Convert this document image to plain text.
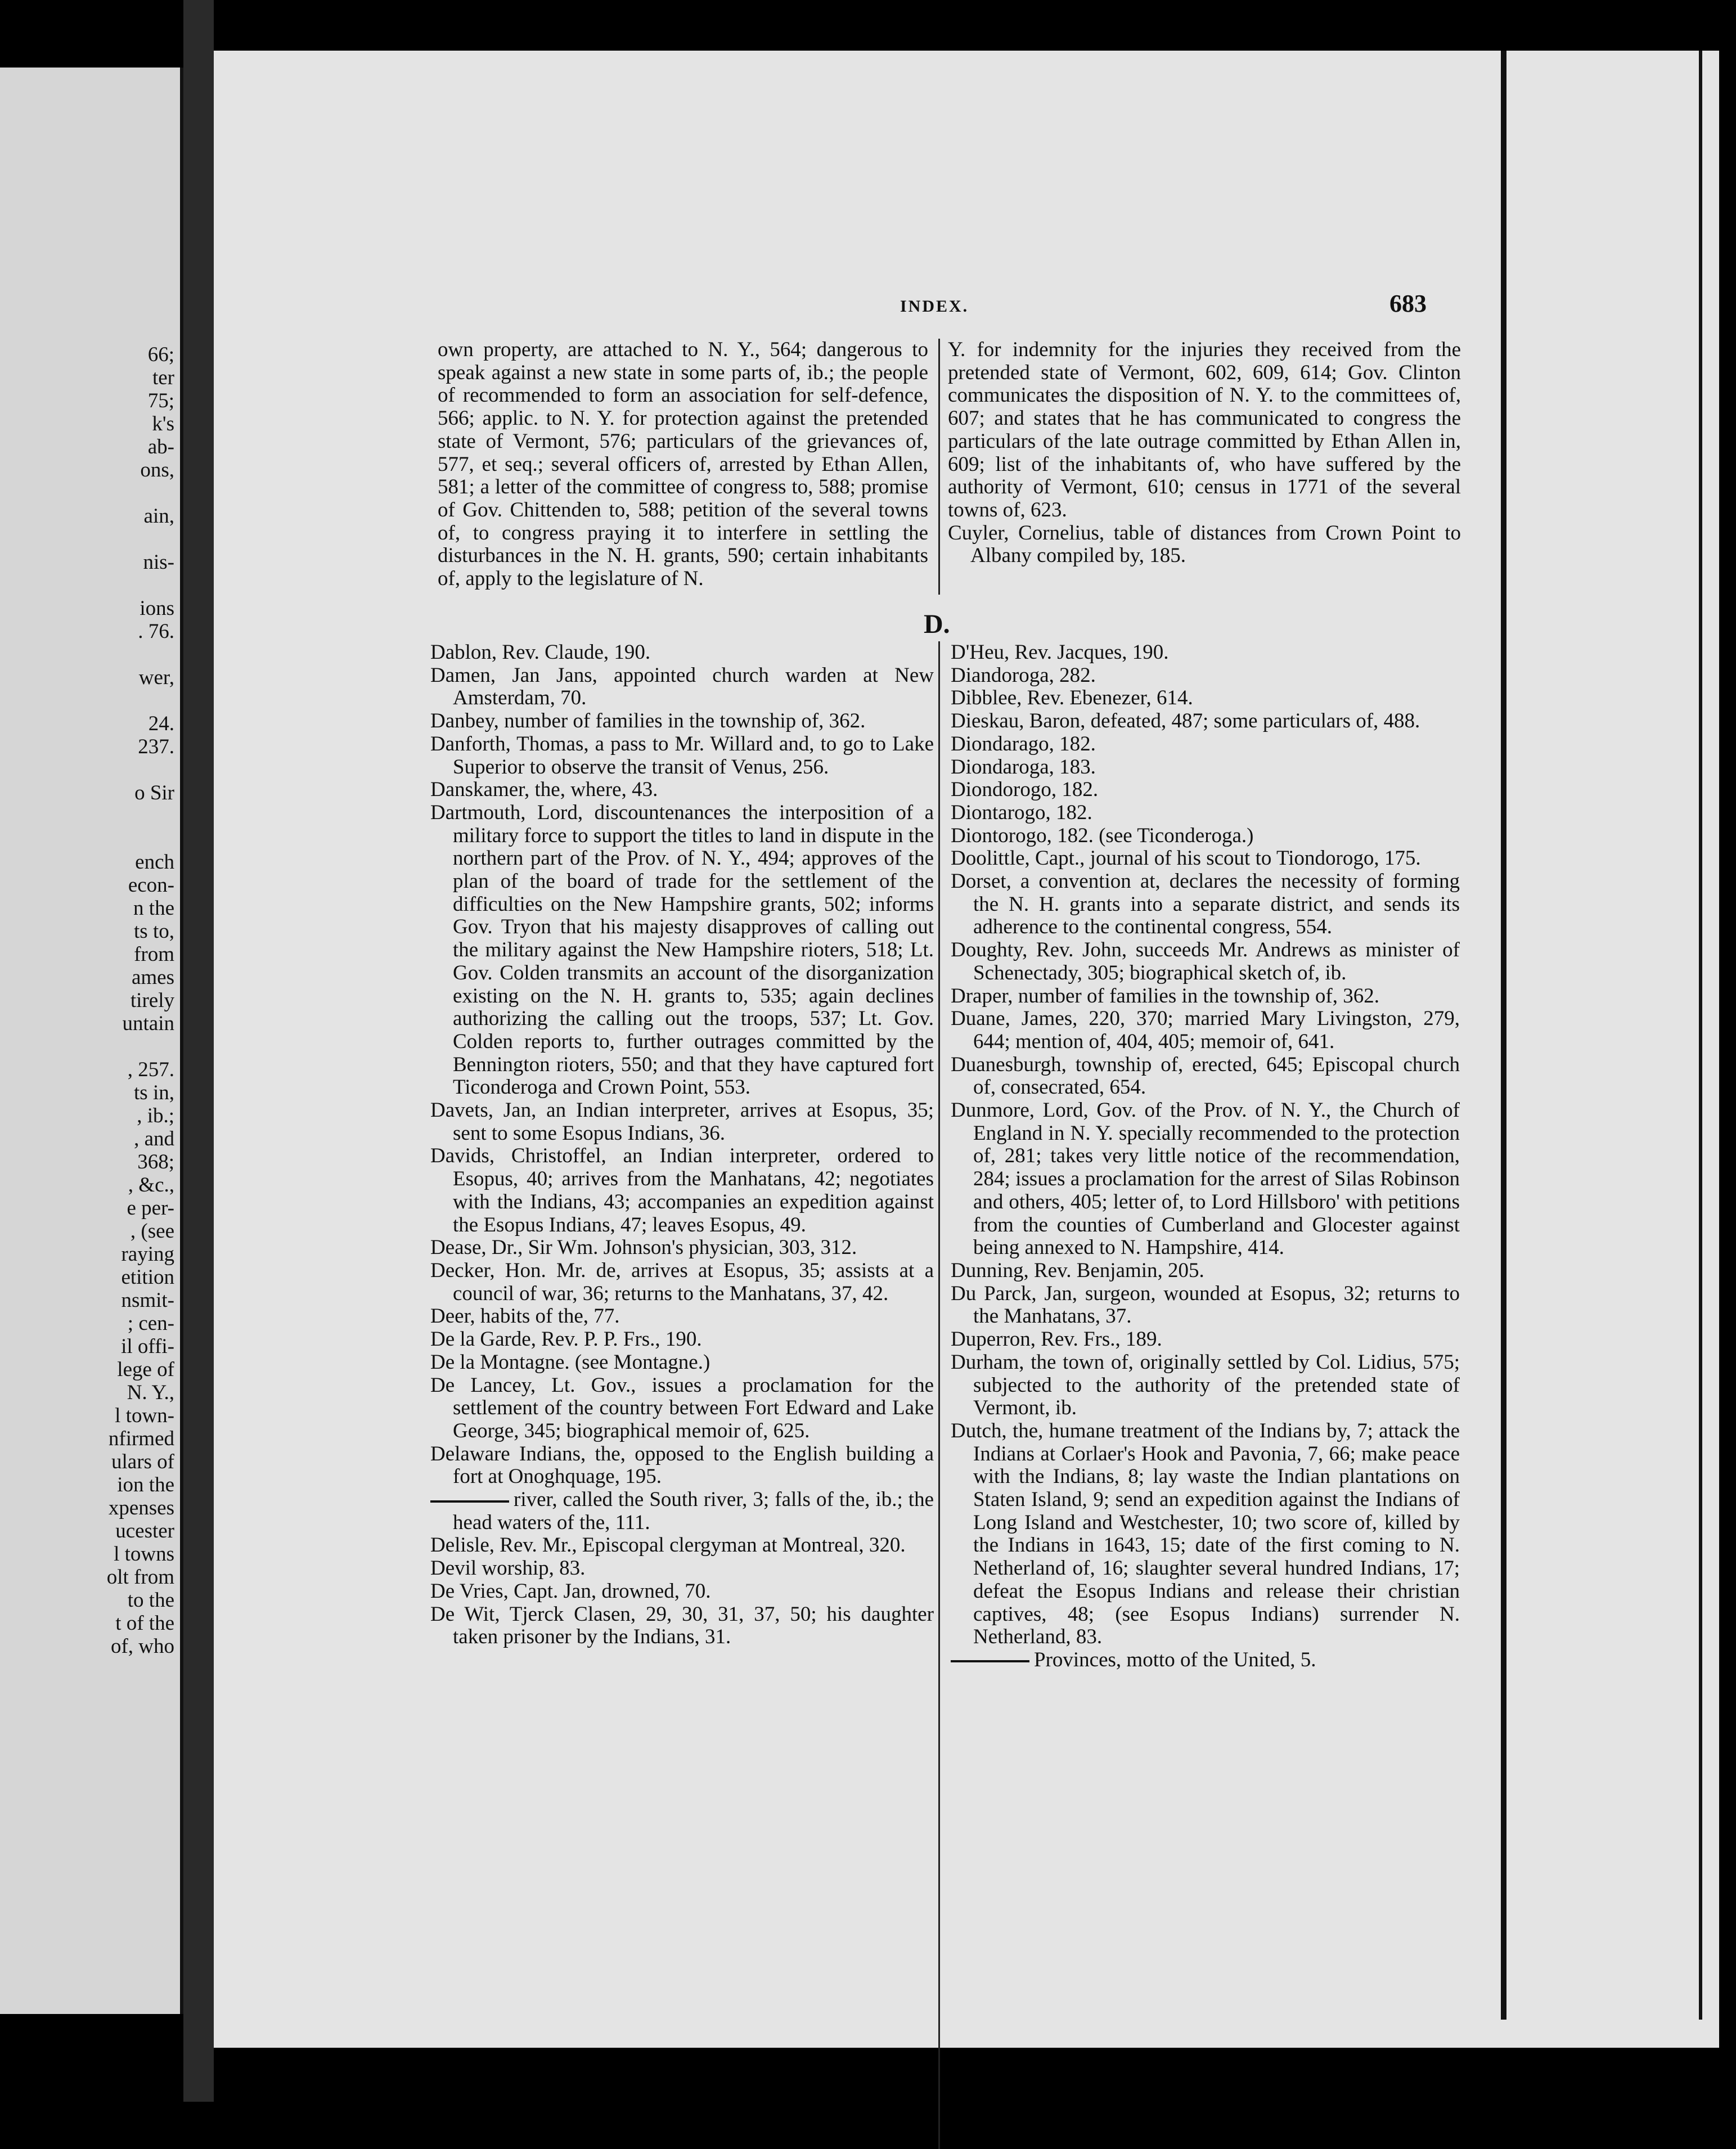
66;
ter
75;
k's
ab-
ons,
ain,
nis-
ions
. 76.
wer,
24.
237.
o Sir
ench
econ-
n the
ts to,
from
ames
tirely
untain
, 257.
ts in,
, ib.;
, and
368;
, &c.,
e per-
, (see
raying
etition
nsmit-
; cen-
il offi-
lege of
N. Y.,
l town-
nfirmed
ulars of
ion the
xpenses
ucester
l towns
olt from
to the
t of the
of, who
INDEX.	683

own property, are attached to N. Y., 564; dangerous to speak against a new state in some parts of, ib.; the people of recommended to form an association for self-defence, 566; applic. to N. Y. for protection against the pretended state of Vermont, 576; particulars of the grievances of, 577, et seq.; several officers of, arrested by Ethan Allen, 581; a letter of the committee of congress to, 588; promise of Gov. Chittenden to, 588; petition of the several towns of, to congress praying it to interfere in settling the disturbances in the N. H. grants, 590; certain inhabitants of, apply to the legislature of N.

Y. for indemnity for the injuries they received from the pretended state of Vermont, 602, 609, 614; Gov. Clinton communicates the disposition of N. Y. to the committees of, 607; and states that he has communicated to congress the particulars of the late outrage committed by Ethan Allen in, 609; list of the inhabitants of, who have suffered by the authority of Vermont, 610; census in 1771 of the several towns of, 623.

Cuyler, Cornelius, table of distances from Crown Point to Albany compiled by, 185.

D.

Dablon, Rev. Claude, 190.

Damen, Jan Jans, appointed church warden at New Amsterdam, 70.

Danbey, number of families in the township of, 362.

Danforth, Thomas, a pass to Mr. Willard and, to go to Lake Superior to observe the transit of Venus, 256.

Danskamer, the, where, 43.

Dartmouth, Lord, discountenances the interposition of a military force to support the titles to land in dispute in the northern part of the Prov. of N. Y., 494; approves of the plan of the board of trade for the settlement of the difficulties on the New Hampshire grants, 502; informs Gov. Tryon that his majesty disapproves of calling out the military against the New Hampshire rioters, 518; Lt. Gov. Colden transmits an account of the disorganization existing on the N. H. grants to, 535; again declines authorizing the calling out the troops, 537; Lt. Gov. Colden reports to, further outrages committed by the Bennington rioters, 550; and that they have captured fort Ticonderoga and Crown Point, 553.

Davets, Jan, an Indian interpreter, arrives at Esopus, 35; sent to some Esopus Indians, 36.

Davids, Christoffel, an Indian interpreter, ordered to Esopus, 40; arrives from the Manhatans, 42; negotiates with the Indians, 43; accompanies an expedition against the Esopus Indians, 47; leaves Esopus, 49.

Dease, Dr., Sir Wm. Johnson's physician, 303, 312.

Decker, Hon. Mr. de, arrives at Esopus, 35; assists at a council of war, 36; returns to the Manhatans, 37, 42.

Deer, habits of the, 77.

De la Garde, Rev. P. P. Frs., 190.

De la Montagne. (see Montagne.)

De Lancey, Lt. Gov., issues a proclamation for the settlement of the country between Fort Edward and Lake George, 345; biographical memoir of, 625.

Delaware Indians, the, opposed to the English building a fort at Onoghquage, 195.

river, called the South river, 3; falls of the, ib.; the head waters of the, 111.

Delisle, Rev. Mr., Episcopal clergyman at Montreal, 320.

Devil worship, 83.

De Vries, Capt. Jan, drowned, 70.

De Wit, Tjerck Clasen, 29, 30, 31, 37, 50; his daughter taken prisoner by the Indians, 31.

D'Heu, Rev. Jacques, 190.

Diandoroga, 282.

Dibblee, Rev. Ebenezer, 614.

Dieskau, Baron, defeated, 487; some particulars of, 488.

Diondarago, 182.

Diondaroga, 183.

Diondorogo, 182.

Diontarogo, 182.

Diontorogo, 182. (see Ticonderoga.)

Doolittle, Capt., journal of his scout to Tiondorogo, 175.

Dorset, a convention at, declares the necessity of forming the N. H. grants into a separate district, and sends its adherence to the continental congress, 554.

Doughty, Rev. John, succeeds Mr. Andrews as minister of Schenectady, 305; biographical sketch of, ib.

Draper, number of families in the township of, 362.

Duane, James, 220, 370; married Mary Livingston, 279, 644; mention of, 404, 405; memoir of, 641.

Duanesburgh, township of, erected, 645; Episcopal church of, consecrated, 654.

Dunmore, Lord, Gov. of the Prov. of N. Y., the Church of England in N. Y. specially recommended to the protection of, 281; takes very little notice of the recommendation, 284; issues a proclamation for the arrest of Silas Robinson and others, 405; letter of, to Lord Hillsboro' with petitions from the counties of Cumberland and Glocester against being annexed to N. Hampshire, 414.

Dunning, Rev. Benjamin, 205.

Du Parck, Jan, surgeon, wounded at Esopus, 32; returns to the Manhatans, 37.

Duperron, Rev. Frs., 189.

Durham, the town of, originally settled by Col. Lidius, 575; subjected to the authority of the pretended state of Vermont, ib.

Dutch, the, humane treatment of the Indians by, 7; attack the Indians at Corlaer's Hook and Pavonia, 7, 66; make peace with the Indians, 8; lay waste the Indian plantations on Staten Island, 9; send an expedition against the Indians of Long Island and Westchester, 10; two score of, killed by the Indians in 1643, 15; date of the first coming to N. Netherland of, 16; slaughter several hundred Indians, 17; defeat the Esopus Indians and release their christian captives, 48; (see Esopus Indians) surrender N. Netherland, 83.

Provinces, motto of the United, 5.
